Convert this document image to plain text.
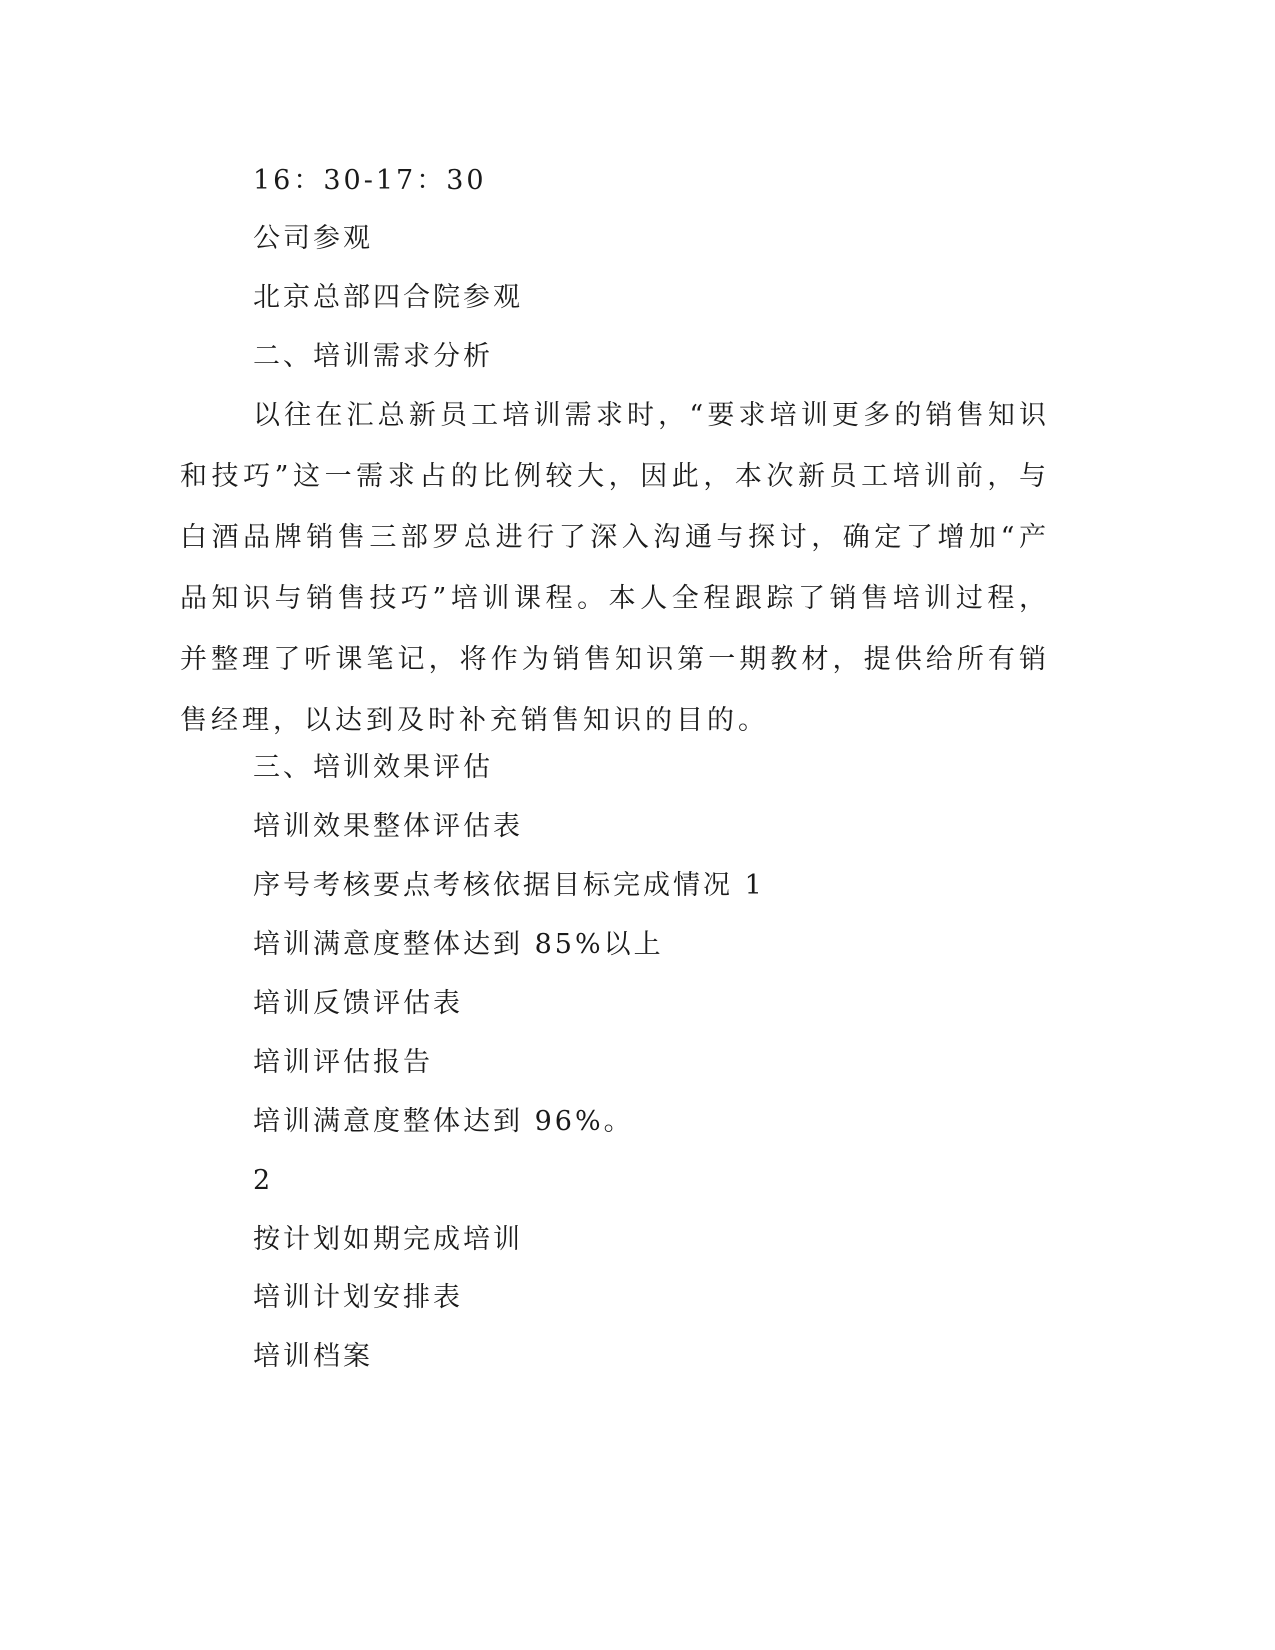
16：30-17：30
公司参观
北京总部四合院参观
二、培训需求分析
以往在汇总新员工培训需求时，“要求培训更多的销售知识和技巧”这一需求占的比例较大，因此，本次新员工培训前，与白酒品牌销售三部罗总进行了深入沟通与探讨，确定了增加“产品知识与销售技巧”培训课程。本人全程跟踪了销售培训过程，并整理了听课笔记，将作为销售知识第一期教材，提供给所有销售经理，以达到及时补充销售知识的目的。
三、培训效果评估
培训效果整体评估表
序号考核要点考核依据目标完成情况 1
培训满意度整体达到 85%以上
培训反馈评估表
培训评估报告
培训满意度整体达到 96%。
2
按计划如期完成培训
培训计划安排表
培训档案
